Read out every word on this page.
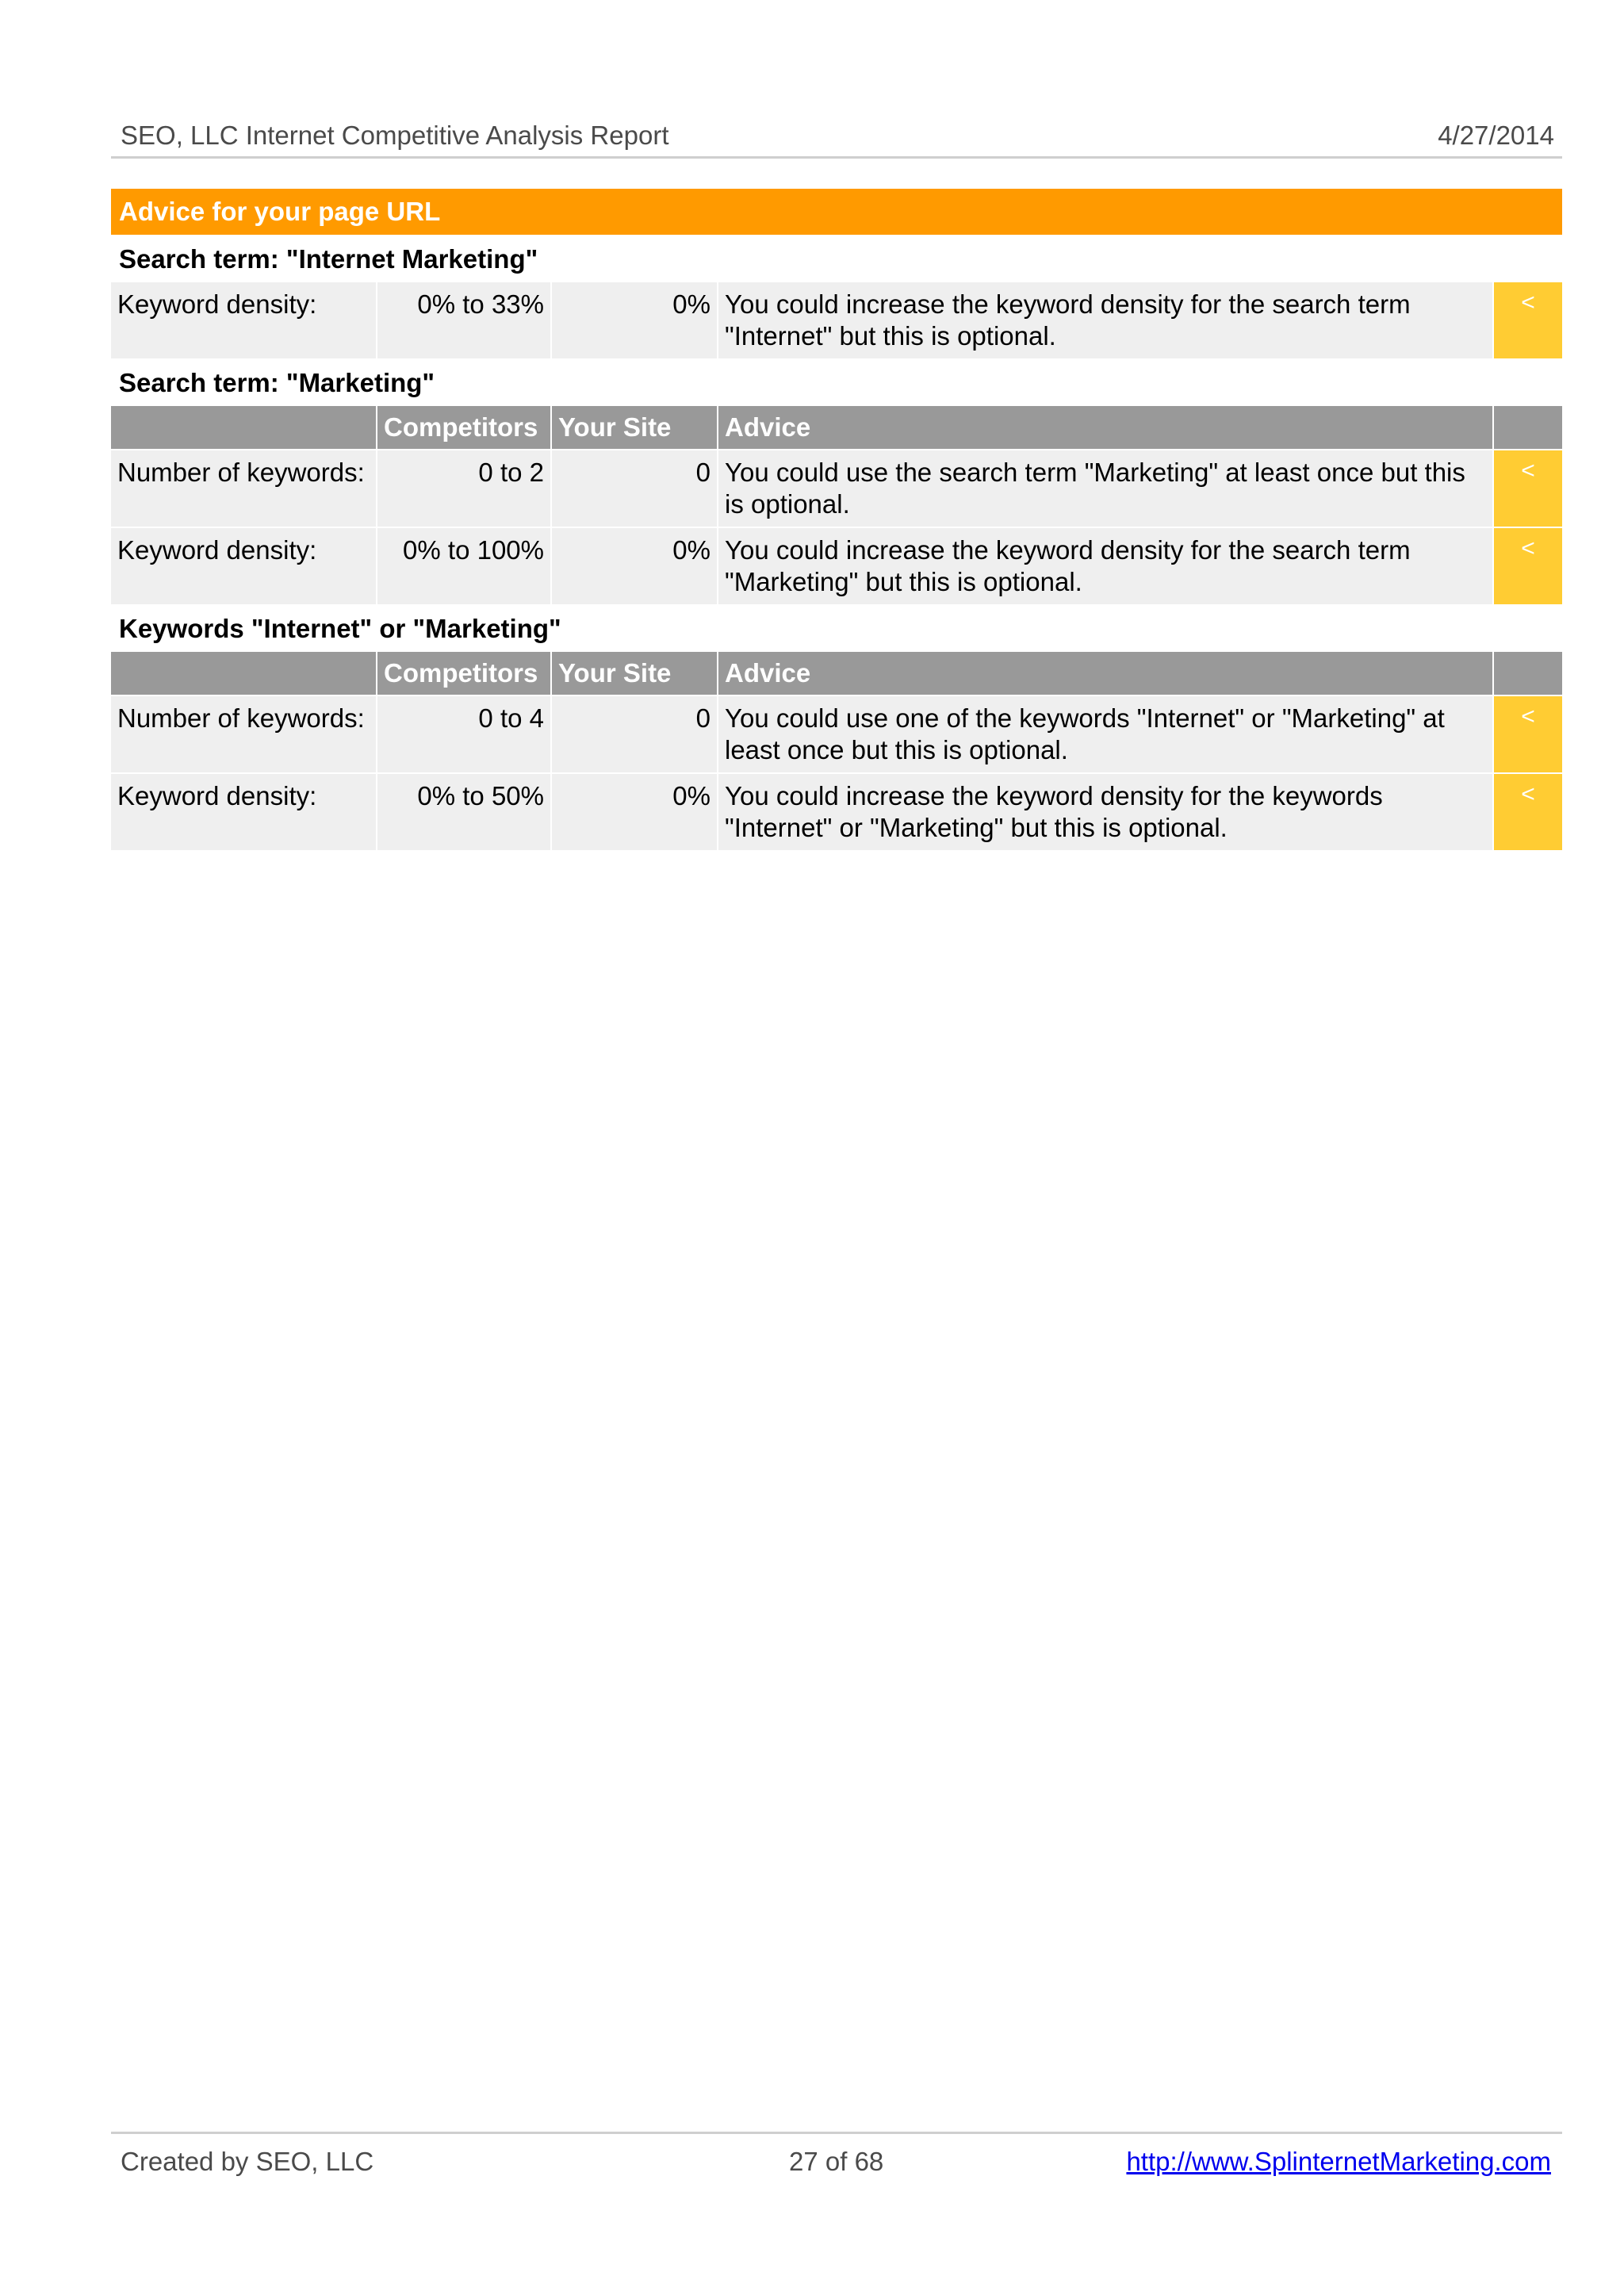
SEO, LLC Internet Competitive Analysis Report	4/27/2014
Advice for your page URL
Search term: "Internet Marketing"
Keyword density:	0% to 33%	0%	You could increase the keyword density for the search term "Internet" but this is optional.	<
Search term: "Marketing"
	Competitors	Your Site	Advice	
Number of keywords:	0 to 2	0	You could use the search term "Marketing" at least once but this is optional.	<
Keyword density:	0% to 100%	0%	You could increase the keyword density for the search term "Marketing" but this is optional.	<
Keywords "Internet" or "Marketing"
	Competitors	Your Site	Advice	
Number of keywords:	0 to 4	0	You could use one of the keywords "Internet" or "Marketing" at least once but this is optional.	<
Keyword density:	0% to 50%	0%	You could increase the keyword density for the keywords "Internet" or "Marketing" but this is optional.	<
Created by SEO, LLC	27 of 68	http://www.SplinternetMarketing.com
